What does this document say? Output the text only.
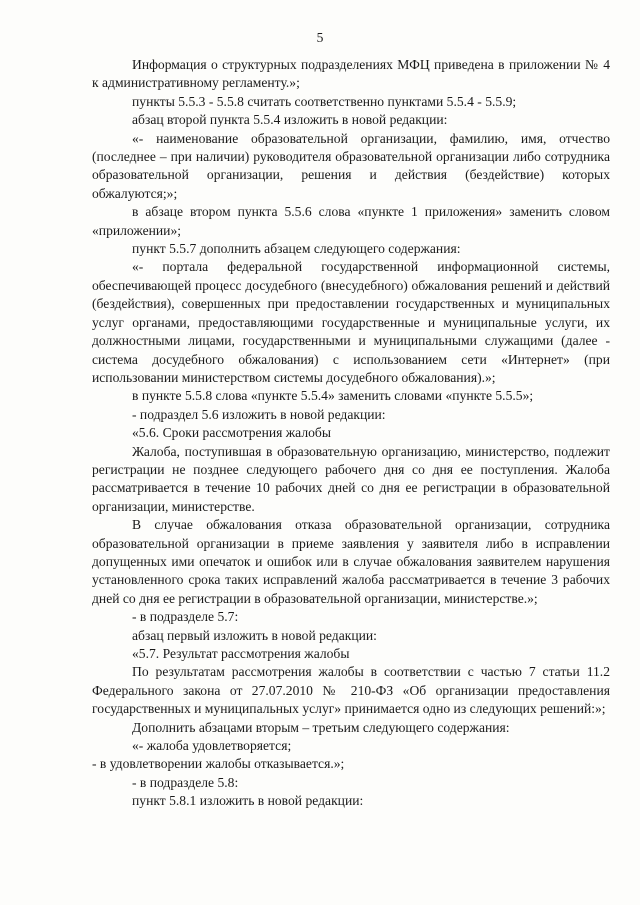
5

Информация о структурных подразделениях МФЦ приведена в приложении № 4 к административному регламенту.»;

пункты 5.5.3 - 5.5.8 считать соответственно пунктами 5.5.4 - 5.5.9;

абзац второй пункта 5.5.4 изложить в новой редакции:

«- наименование образовательной организации, фамилию, имя, отчество (последнее – при наличии) руководителя образовательной организации либо сотрудника образовательной организации, решения и действия (бездействие) которых обжалуются;»;

в абзаце втором пункта 5.5.6 слова «пункте 1 приложения» заменить словом «приложении»;

пункт 5.5.7 дополнить абзацем следующего содержания:

«- портала федеральной государственной информационной системы, обеспечивающей процесс досудебного (внесудебного) обжалования решений и действий (бездействия), совершенных при предоставлении государственных и муниципальных услуг органами, предоставляющими государственные и муниципальные услуги, их должностными лицами, государственными и муниципальными служащими (далее - система досудебного обжалования) с использованием сети «Интернет» (при использовании министерством системы досудебного обжалования).»;

в пункте 5.5.8 слова «пункте 5.5.4» заменить словами «пункте 5.5.5»;

- подраздел 5.6 изложить в новой редакции:

«5.6. Сроки рассмотрения жалобы

Жалоба, поступившая в образовательную организацию, министерство, подлежит регистрации не позднее следующего рабочего дня со дня ее поступления. Жалоба рассматривается в течение 10 рабочих дней со дня ее регистрации в образовательной организации, министерстве.

В случае обжалования отказа образовательной организации, сотрудника образовательной организации в приеме заявления у заявителя либо в исправлении допущенных ими опечаток и ошибок или в случае обжалования заявителем нарушения установленного срока таких исправлений жалоба рассматривается в течение 3 рабочих дней со дня ее регистрации в образовательной организации, министерстве.»;

- в подразделе 5.7:

абзац первый изложить в новой редакции:

«5.7. Результат рассмотрения жалобы

По результатам рассмотрения жалобы в соответствии с частью 7 статьи 11.2 Федерального закона от 27.07.2010 № 210-ФЗ «Об организации предоставления государственных и муниципальных услуг» принимается одно из следующих решений:»;

Дополнить абзацами вторым – третьим следующего содержания:

«- жалоба удовлетворяется;

- в удовлетворении жалобы отказывается.»;

- в подразделе 5.8:

пункт 5.8.1 изложить в новой редакции:
